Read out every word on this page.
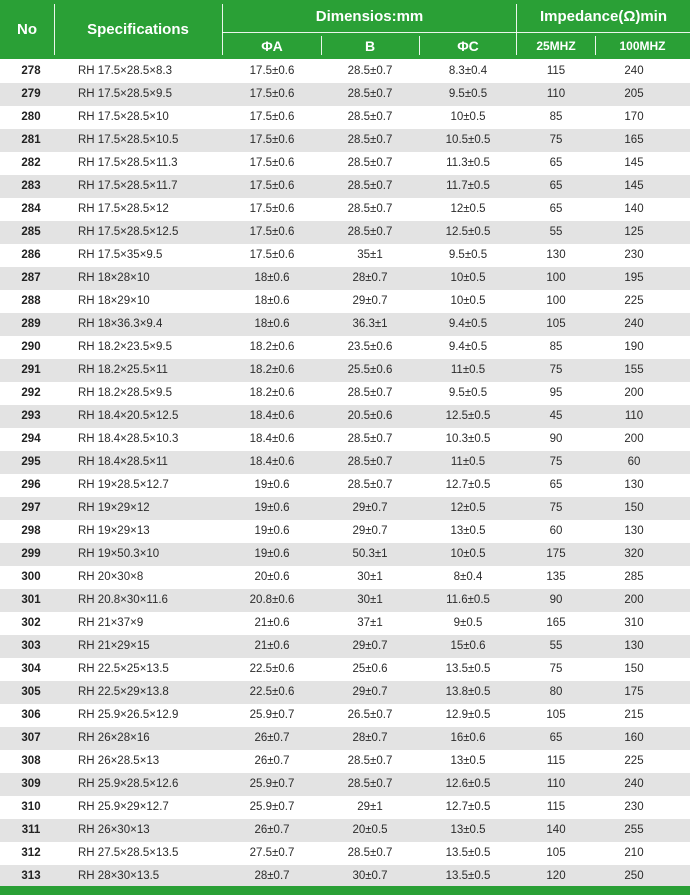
No	Specifications
Dimensios:mm	Impedance(Ω)min
ΦA	B	ΦC	25MHZ	100MHZ
278	RH 17.5×28.5×8.3	17.5±0.6	28.5±0.7	8.3±0.4	115	240
279	RH 17.5×28.5×9.5	17.5±0.6	28.5±0.7	9.5±0.5	110	205
280	RH 17.5×28.5×10	17.5±0.6	28.5±0.7	10±0.5	85	170
281	RH 17.5×28.5×10.5	17.5±0.6	28.5±0.7	10.5±0.5	75	165
282	RH 17.5×28.5×11.3	17.5±0.6	28.5±0.7	11.3±0.5	65	145
283	RH 17.5×28.5×11.7	17.5±0.6	28.5±0.7	11.7±0.5	65	145
284	RH 17.5×28.5×12	17.5±0.6	28.5±0.7	12±0.5	65	140
285	RH 17.5×28.5×12.5	17.5±0.6	28.5±0.7	12.5±0.5	55	125
286	RH 17.5×35×9.5	17.5±0.6	35±1	9.5±0.5	130	230
287	RH 18×28×10	18±0.6	28±0.7	10±0.5	100	195
288	RH 18×29×10	18±0.6	29±0.7	10±0.5	100	225
289	RH 18×36.3×9.4	18±0.6	36.3±1	9.4±0.5	105	240
290	RH 18.2×23.5×9.5	18.2±0.6	23.5±0.6	9.4±0.5	85	190
291	RH 18.2×25.5×11	18.2±0.6	25.5±0.6	11±0.5	75	155
292	RH 18.2×28.5×9.5	18.2±0.6	28.5±0.7	9.5±0.5	95	200
293	RH 18.4×20.5×12.5	18.4±0.6	20.5±0.6	12.5±0.5	45	110
294	RH 18.4×28.5×10.3	18.4±0.6	28.5±0.7	10.3±0.5	90	200
295	RH 18.4×28.5×11	18.4±0.6	28.5±0.7	11±0.5	75	60
296	RH 19×28.5×12.7	19±0.6	28.5±0.7	12.7±0.5	65	130
297	RH 19×29×12	19±0.6	29±0.7	12±0.5	75	150
298	RH 19×29×13	19±0.6	29±0.7	13±0.5	60	130
299	RH 19×50.3×10	19±0.6	50.3±1	10±0.5	175	320
300	RH 20×30×8	20±0.6	30±1	8±0.4	135	285
301	RH 20.8×30×11.6	20.8±0.6	30±1	11.6±0.5	90	200
302	RH 21×37×9	21±0.6	37±1	9±0.5	165	310
303	RH 21×29×15	21±0.6	29±0.7	15±0.6	55	130
304	RH 22.5×25×13.5	22.5±0.6	25±0.6	13.5±0.5	75	150
305	RH 22.5×29×13.8	22.5±0.6	29±0.7	13.8±0.5	80	175
306	RH 25.9×26.5×12.9	25.9±0.7	26.5±0.7	12.9±0.5	105	215
307	RH 26×28×16	26±0.7	28±0.7	16±0.6	65	160
308	RH 26×28.5×13	26±0.7	28.5±0.7	13±0.5	115	225
309	RH 25.9×28.5×12.6	25.9±0.7	28.5±0.7	12.6±0.5	110	240
310	RH 25.9×29×12.7	25.9±0.7	29±1	12.7±0.5	115	230
311	RH 26×30×13	26±0.7	20±0.5	13±0.5	140	255
312	RH 27.5×28.5×13.5	27.5±0.7	28.5±0.7	13.5±0.5	105	210
313	RH 28×30×13.5	28±0.7	30±0.7	13.5±0.5	120	250
